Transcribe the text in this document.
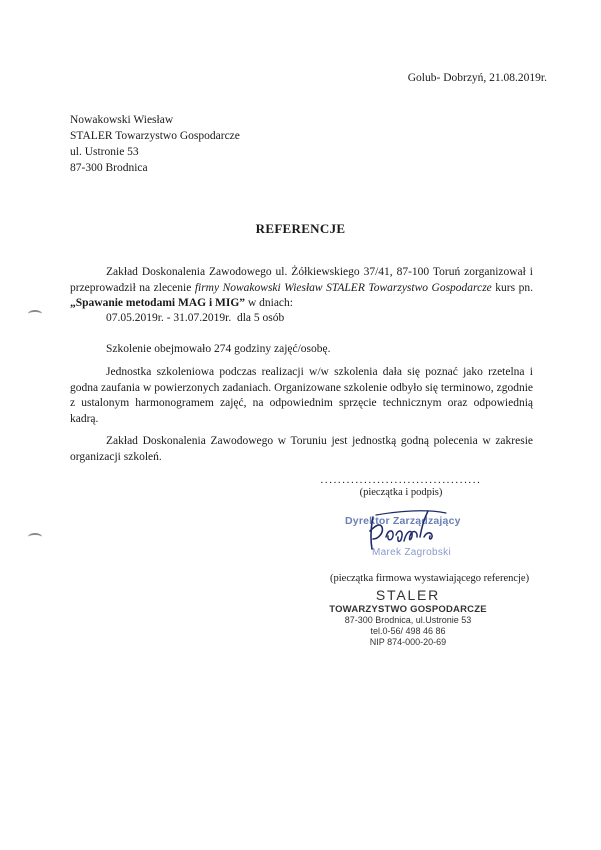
Golub- Dobrzyń, 21.08.2019r.
Nowakowski Wiesław
STALER Towarzystwo Gospodarcze
ul. Ustronie 53
87-300 Brodnica
REFERENCJE
Zakład Doskonalenia Zawodowego ul. Żółkiewskiego 37/41, 87-100 Toruń zorganizował i przeprowadził na zlecenie firmy Nowakowski Wiesław STALER Towarzystwo Gospodarcze kurs pn. „Spawanie metodami MAG i MIG” w dniach:
07.05.2019r. - 31.07.2019r.  dla 5 osób
Szkolenie obejmowało 274 godziny zajęć/osobę.
Jednostka szkoleniowa podczas realizacji w/w szkolenia dała się poznać jako rzetelna i godna zaufania w powierzonych zadaniach. Organizowane szkolenie odbyło się terminowo, zgodnie z ustalonym harmonogramem zajęć, na odpowiednim sprzęcie technicznym oraz odpowiednią kadrą.
Zakład Doskonalenia Zawodowego w Toruniu jest jednostką godną polecenia w zakresie organizacji szkoleń.
.....................................
(pieczątka i podpis)
Dyrektor Zarządzający
Marek Zagrobski
(pieczątka firmowa wystawiającego referencje)
STALER
TOWARZYSTWO GOSPODARCZE
87-300 Brodnica, ul.Ustronie 53
tel.0-56/ 498 46 86
NIP 874-000-20-69
